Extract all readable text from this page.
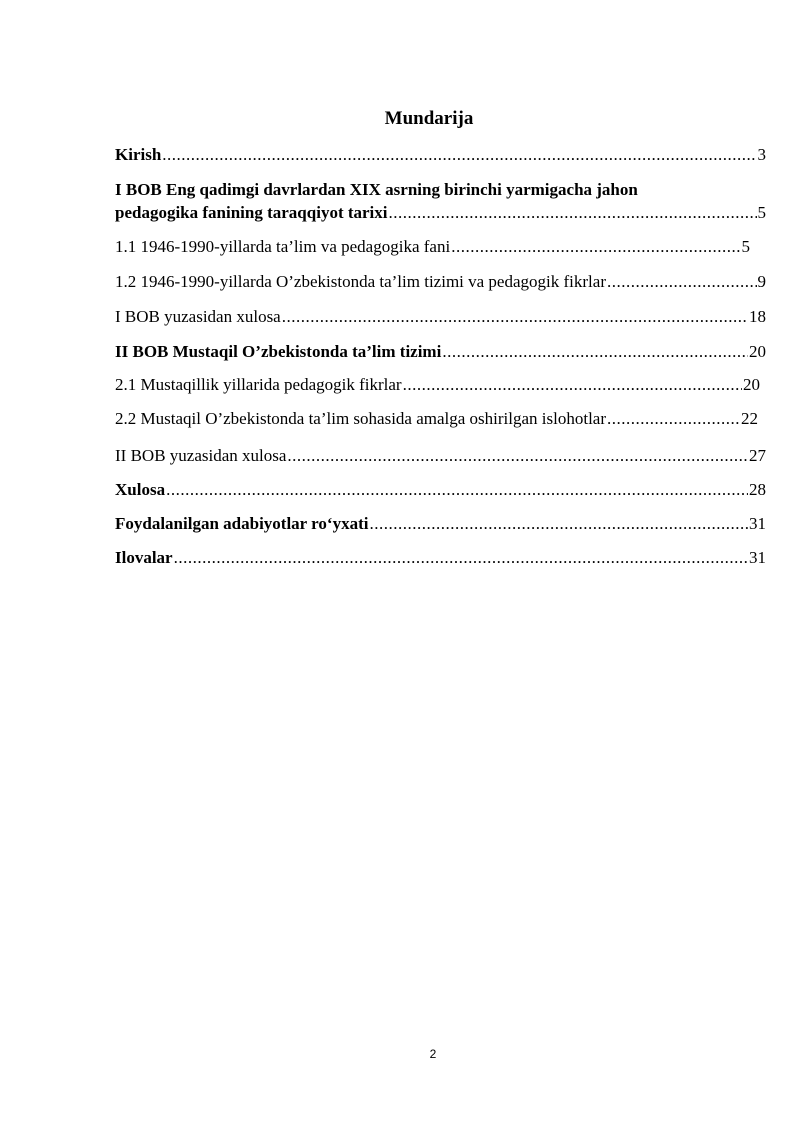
Mundarija
Kirish .....	3
I BOB Eng qadimgi davrlardan XIX asrning birinchi yarmigacha jahon
pedagogika fanining taraqqiyot tarixi .....	5
1.1 1946-1990-yillarda ta’lim va pedagogika fani .....	5
1.2 1946-1990-yillarda O’zbekistonda ta’lim tizimi va pedagogik fikrlar .....	9
I BOB yuzasidan xulosa .....	18
II BOB Mustaqil O’zbekistonda ta’lim tizimi .....	20
2.1 Mustaqillik yillarida pedagogik fikrlar .....	20
2.2 Mustaqil O’zbekistonda ta’lim sohasida amalga oshirilgan islohotlar .....	22
II BOB yuzasidan xulosa .....	27
Xulosa .....	28
Foydalanilgan adabiyotlar ro‘yxati .....	31
Ilovalar .....	31
2
